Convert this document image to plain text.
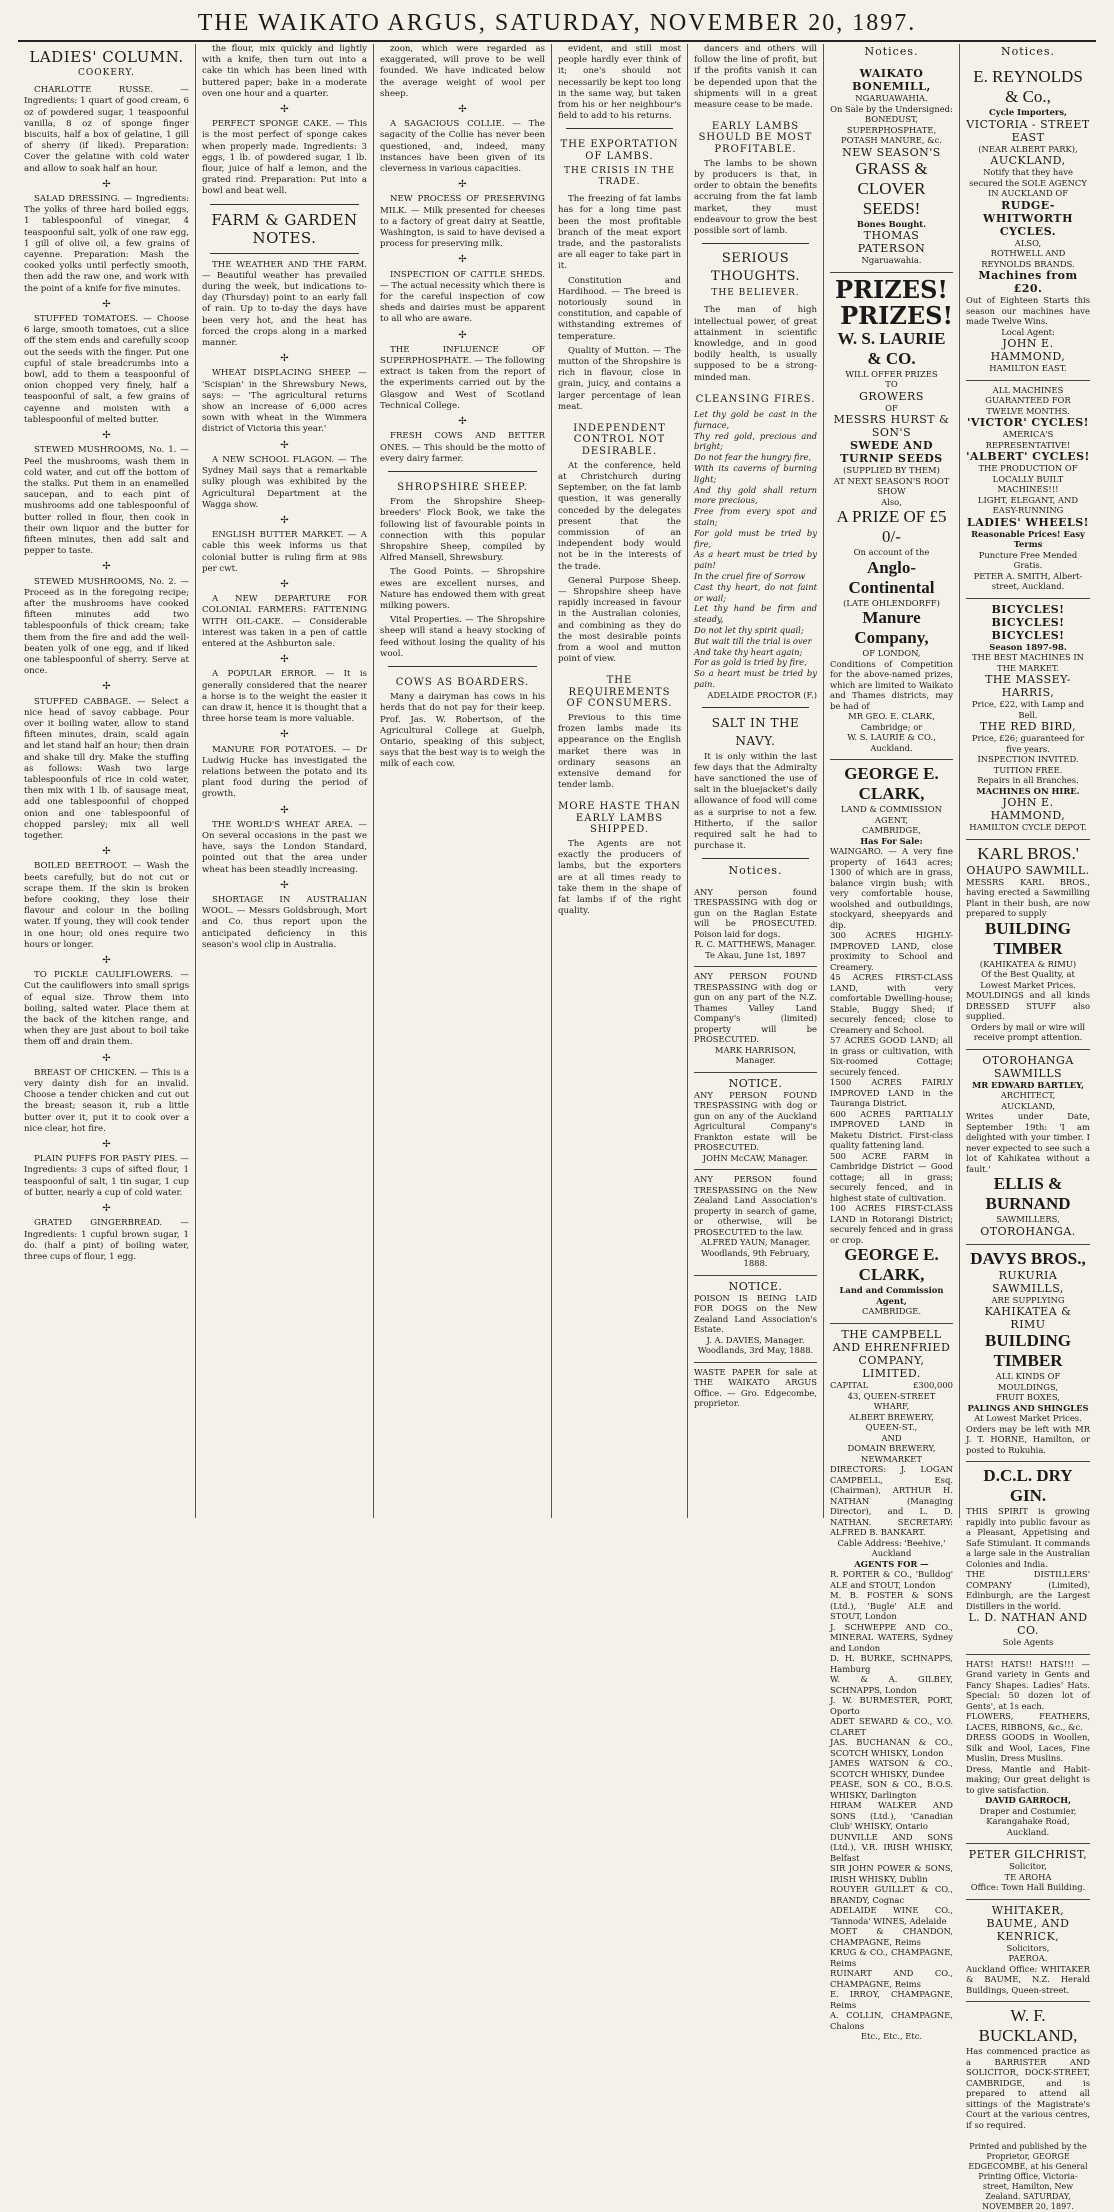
THE WAIKATO ARGUS, SATURDAY, NOVEMBER 20, 1897.
LADIES' COLUMN.
COOKERY.

CHARLOTTE RUSSE. — Ingredients: 1 quart of good cream, 6 oz of powdered sugar, 1 teaspoonful vanilla, 8 oz of sponge finger biscuits, half a box of gelatine, 1 gill of sherry (if liked). Preparation: Cover the gelatine with cold water and allow to soak half an hour.

✢

SALAD DRESSING. — Ingredients: The yolks of three hard boiled eggs, 1 tablespoonful of vinegar, 4 teaspoonful salt, yolk of one raw egg, 1 gill of olive oil, a few grains of cayenne. Preparation: Mash the cooked yolks until perfectly smooth, then add the raw one, and work with the point of a knife for five minutes.

✢

STUFFED TOMATOES. — Choose 6 large, smooth tomatoes, cut a slice off the stem ends and carefully scoop out the seeds with the finger. Put one cupful of stale breadcrumbs into a bowl, add to them a teaspoonful of onion chopped very finely, half a teaspoonful of salt, a few grains of cayenne and moisten with a tablespoonful of melted butter.

✢

STEWED MUSHROOMS, No. 1. — Peel the mushrooms, wash them in cold water, and cut off the bottom of the stalks. Put them in an enamelled saucepan, and to each pint of mushrooms add one tablespoonful of butter rolled in flour, then cook in their own liquor and the butter for fifteen minutes, then add salt and pepper to taste.

✢

STEWED MUSHROOMS, No. 2. — Proceed as in the foregoing recipe; after the mushrooms have cooked fifteen minutes add two tablespoonfuls of thick cream; take them from the fire and add the well-beaten yolk of one egg, and if liked one tablespoonful of sherry. Serve at once.

✢

STUFFED CABBAGE. — Select a nice head of savoy cabbage. Pour over it boiling water, allow to stand fifteen minutes, drain, scald again and let stand half an hour; then drain and shake till dry. Make the stuffing as follows: Wash two large tablespoonfuls of rice in cold water, then mix with 1 lb. of sausage meat, add one tablespoonful of chopped onion and one tablespoonful of chopped parsley; mix all well together.

✢

BOILED BEETROOT. — Wash the beets carefully, but do not cut or scrape them. If the skin is broken before cooking, they lose their flavour and colour in the boiling water. If young, they will cook tender in one hour; old ones require two hours or longer.

✢

TO PICKLE CAULIFLOWERS. — Cut the cauliflowers into small sprigs of equal size. Throw them into boiling, salted water. Place them at the back of the kitchen range, and when they are just about to boil take them off and drain them.

✢

BREAST OF CHICKEN. — This is a very dainty dish for an invalid. Choose a tender chicken and cut out the breast; season it, rub a little butter over it, put it to cook over a nice clear, hot fire.

✢

PLAIN PUFFS FOR PASTY PIES. — Ingredients: 3 cups of sifted flour, 1 teaspoonful of salt, 1 tin sugar, 1 cup of butter, nearly a cup of cold water.

✢

GRATED GINGERBREAD. — Ingredients: 1 cupful brown sugar, 1 do. (half a pint) of boiling water, three cups of flour, 1 egg.

the flour, mix quickly and lightly with a knife, then turn out into a cake tin which has been lined with buttered paper; bake in a moderate oven one hour and a quarter.

✢

PERFECT SPONGE CAKE. — This is the most perfect of sponge cakes when properly made. Ingredients: 3 eggs, 1 lb. of powdered sugar, 1 lb. flour, juice of half a lemon, and the grated rind. Preparation: Put into a bowl and beat well.

FARM & GARDEN NOTES.

THE WEATHER AND THE FARM. — Beautiful weather has prevailed during the week, but indications to-day (Thursday) point to an early fall of rain. Up to to-day the days have been very hot, and the heat has forced the crops along in a marked manner.

✢

WHEAT DISPLACING SHEEP. — 'Scispian' in the Shrewsbury News, says: — 'The agricultural returns show an increase of 6,000 acres sown with wheat in the Wimmera district of Victoria this year.'

✢

A NEW SCHOOL FLAGON. — The Sydney Mail says that a remarkable sulky plough was exhibited by the Agricultural Department at the Wagga show.

✢

ENGLISH BUTTER MARKET. — A cable this week informs us that colonial butter is ruling firm at 98s per cwt.

✢

A NEW DEPARTURE FOR COLONIAL FARMERS: FATTENING WITH OIL-CAKE. — Considerable interest was taken in a pen of cattle entered at the Ashburton sale.

✢

A POPULAR ERROR. — It is generally considered that the nearer a horse is to the weight the easier it can draw it, hence it is thought that a three horse team is more valuable.

✢

MANURE FOR POTATOES. — Dr Ludwig Hucke has investigated the relations between the potato and its plant food during the period of growth.

✢

THE WORLD'S WHEAT AREA. — On several occasions in the past we have, says the London Standard, pointed out that the area under wheat has been steadily increasing.

✢

SHORTAGE IN AUSTRALIAN WOOL. — Messrs Goldsbrough, Mort and Co. thus report upon the anticipated deficiency in this season's wool clip in Australia.

zoon, which were regarded as exaggerated, will prove to be well founded. We have indicated below the average weight of wool per sheep.

✢

A SAGACIOUS COLLIE. — The sagacity of the Collie has never been questioned, and, indeed, many instances have been given of its cleverness in various capacities.

✢

NEW PROCESS OF PRESERVING MILK. — Milk presented for cheeses to a factory of great dairy at Seattle, Washington, is said to have devised a process for preserving milk.

✢

INSPECTION OF CATTLE SHEDS. — The actual necessity which there is for the careful inspection of cow sheds and dairies must be apparent to all who are aware.

✢

THE INFLUENCE OF SUPERPHOSPHATE. — The following extract is taken from the report of the experiments carried out by the Glasgow and West of Scotland Technical College.

✢

FRESH COWS AND BETTER ONES. — This should be the motto of every dairy farmer.

SHROPSHIRE SHEEP.

From the Shropshire Sheep-breeders' Flock Book, we take the following list of favourable points in connection with this popular Shropshire Sheep, compiled by Alfred Mansell, Shrewsbury.

The Good Points. — Shropshire ewes are excellent nurses, and Nature has endowed them with great milking powers.

Vital Properties. — The Shropshire sheep will stand a heavy stocking of feed without losing the quality of his wool.

COWS AS BOARDERS.

Many a dairyman has cows in his herds that do not pay for their keep. Prof. Jas. W. Robertson, of the Agricultural College at Guelph, Ontario, speaking of this subject, says that the best way is to weigh the milk of each cow.

evident, and still most people hardly ever think of it; one's should not necessarily be kept too long in the same way, but taken from his or her neighbour's field to add to his returns.

THE EXPORTATION OF LAMBS.
THE CRISIS IN THE TRADE.

The freezing of fat lambs has for a long time past been the most profitable branch of the meat export trade, and the pastoralists are all eager to take part in it.

Constitution and Hardihood. — The breed is notoriously sound in constitution, and capable of withstanding extremes of temperature.

Quality of Mutton. — The mutton of the Shropshire is rich in flavour, close in grain, juicy, and contains a larger percentage of lean meat.

INDEPENDENT CONTROL NOT DESIRABLE.

At the conference, held at Christchurch during September, on the fat lamb question, it was generally conceded by the delegates present that the commission of an independent body would not be in the interests of the trade.

General Purpose Sheep. — Shropshire sheep have rapidly increased in favour in the Australian colonies, and combining as they do the most desirable points from a wool and mutton point of view.

THE REQUIREMENTS OF CONSUMERS.

Previous to this time frozen lambs made its appearance on the English market there was in ordinary seasons an extensive demand for tender lamb.

MORE HASTE THAN EARLY LAMBS SHIPPED.

The Agents are not exactly the producers of lambs, but the exporters are at all times ready to take them in the shape of fat lambs if of the right quality.

dancers and others will follow the line of profit, but if the profits vanish it can be depended upon that the shipments will in a great measure cease to be made.

EARLY LAMBS SHOULD BE MOST PROFITABLE.

The lambs to be shown by producers is that, in order to obtain the benefits accruing from the fat lamb market, they must endeavour to grow the best possible sort of lamb.

SERIOUS THOUGHTS.
THE BELIEVER.

The man of high intellectual power, of great attainment in scientific knowledge, and in good bodily health, is usually supposed to be a strong-minded man.

CLEANSING FIRES.
Let thy gold be cast in the furnace,
Thy red gold, precious and bright;
Do not fear the hungry fire,
With its caverns of burning light;
And thy gold shall return more precious,
Free from every spot and stain;
For gold must be tried by fire,
As a heart must be tried by pain!
In the cruel fire of Sorrow
Cast thy heart, do not faint or wail;
Let thy hand be firm and steady,
Do not let thy spirit quail;
But wait till the trial is over
And take thy heart again;
For as gold is tried by fire,
So a heart must be tried by pain.
ADELAIDE PROCTOR (F.)
SALT IN THE NAVY.

It is only within the last few days that the Admiralty have sanctioned the use of salt in the bluejacket's daily allowance of food will come as a surprise to not a few. Hitherto, if the sailor required salt he had to purchase it.

Notices.
ANY person found TRESPASSING with dog or gun on the Raglan Estate will be PROSECUTED. Poison laid for dogs.
R. C. MATTHEWS, Manager.
Te Akau, June 1st, 1897
ANY PERSON FOUND TRESPASSING with dog or gun on any part of the N.Z. Thames Valley Land Company's (limited) property will be PROSECUTED.
MARK HARRISON, Manager.
NOTICE.
ANY PERSON FOUND TRESPASSING with dog or gun on any of the Auckland Agricultural Company's Frankton estate will be PROSECUTED.
JOHN McCAW, Manager.
ANY PERSON found TRESPASSING on the New Zealand Land Association's property in search of game, or otherwise, will be PROSECUTED to the law.
ALFRED YAUN, Manager.
Woodlands, 9th February, 1888.
NOTICE.
POISON IS BEING LAID FOR DOGS on the New Zealand Land Association's Estate.
J. A. DAVIES, Manager.
Woodlands, 3rd May, 1888.
WASTE PAPER for sale at THE WAIKATO ARGUS Office. — Gro. Edgecombe, proprietor.
Notices.
WAIKATO BONEMILL,
NGARUAWAHIA.
On Sale by the Undersigned: BONEDUST, SUPERPHOSPHATE, POTASH MANURE, &c.
NEW SEASON'S
GRASS & CLOVER SEEDS!
Bones Bought.
THOMAS PATERSON
Ngaruawahia.
PRIZES!
PRIZES!
W. S. LAURIE & CO.
WILL OFFER PRIZES
TO
GROWERS
OF
MESSRS HURST & SON'S
SWEDE AND TURNIP SEEDS
(SUPPLIED BY THEM)
AT NEXT SEASON'S ROOT SHOW
Also,
A PRIZE OF £5 0/-
On account of the
Anglo-Continental
(LATE OHLENDORFF)
Manure Company,
OF LONDON,
Conditions of Competition for the above-named prizes, which are limited to Waikato and Thames districts, may be had of
MR GEO. E. CLARK, Cambridge; or
W. S. LAURIE & CO., Auckland.
GEORGE E. CLARK,
LAND & COMMISSION AGENT,
CAMBRIDGE,
Has For Sale:
WAINGARO. — A very fine property of 1643 acres; 1300 of which are in grass, balance virgin bush; with very comfortable house, woolshed and outbuildings, stockyard, sheepyards and dip.
300 ACRES HIGHLY-IMPROVED LAND, close proximity to School and Creamery.
45 ACRES FIRST-CLASS LAND, with very comfortable Dwelling-house; Stable, Buggy Shed; if securely fenced; close to Creamery and School.
57 ACRES GOOD LAND; all in grass or cultivation, with Six-roomed Cottage; securely fenced.
1500 ACRES FAIRLY IMPROVED LAND in the Tauranga District.
600 ACRES PARTIALLY IMPROVED LAND in Maketu District. First-class quality fattening land.
500 ACRE FARM in Cambridge District — Good cottage; all in grass; securely fenced, and in highest state of cultivation.
100 ACRES FIRST-CLASS LAND in Rotorangi District; securely fenced and in grass or crop.
GEORGE E. CLARK,
Land and Commission Agent,
CAMBRIDGE.
THE CAMPBELL AND EHRENFRIED COMPANY, LIMITED.
CAPITAL	£300,000
43, QUEEN-STREET WHARF,
ALBERT BREWERY, QUEEN-ST.,
AND
DOMAIN BREWERY, NEWMARKET
DIRECTORS: J. LOGAN CAMPBELL, Esq. (Chairman), ARTHUR H. NATHAN (Managing Director), and L. D. NATHAN. SECRETARY: ALFRED B. BANKART.
Cable Address: 'Beehive,' Auckland
AGENTS FOR —
R. PORTER & CO., 'Bulldog' ALE and STOUT, London
M. B. FOSTER & SONS (Ltd.), 'Bugle' ALE and STOUT, London
J. SCHWEPPE AND CO., MINERAL WATERS, Sydney and London
D. H. BURKE, SCHNAPPS, Hamburg
W. & A. GILBEY, SCHNAPPS, London
J. W. BURMESTER, PORT, Oporto
ADET SEWARD & CO., V.O. CLARET
JAS. BUCHANAN & CO., SCOTCH WHISKY, London
JAMES WATSON & CO., SCOTCH WHISKY, Dundee
PEASE, SON & CO., B.O.S. WHISKY, Darlington
HIRAM WALKER AND SONS (Ltd.), 'Canadian Club' WHISKY, Ontario
DUNVILLE AND SONS (Ltd.), V.R. IRISH WHISKY, Belfast
SIR JOHN POWER & SONS, IRISH WHISKY, Dublin
ROUYER GUILLET & CO., BRANDY, Cognac
ADELAIDE WINE CO., 'Tannoda' WINES, Adelaide
MOET & CHANDON, CHAMPAGNE, Reims
KRUG & CO., CHAMPAGNE, Reims
RUINART AND CO., CHAMPAGNE, Reims
E. IRROY, CHAMPAGNE, Reims
A. COLLIN, CHAMPAGNE, Chalons
Etc., Etc., Etc.
Notices.
E. REYNOLDS & Co.,
Cycle Importers,
VICTORIA - STREET EAST
(NEAR ALBERT PARK),
AUCKLAND,
Notify that they have secured the SOLE AGENCY IN AUCKLAND OF
RUDGE-WHITWORTH CYCLES.
ALSO,
ROTHWELL AND REYNOLDS BRANDS.
Machines from £20.
Out of Eighteen Starts this season our machines have made Twelve Wins.
Local Agent:
JOHN E. HAMMOND,
HAMILTON EAST.
ALL MACHINES GUARANTEED FOR TWELVE MONTHS.
'VICTOR' CYCLES!
AMERICA'S REPRESENTATIVE!
'ALBERT' CYCLES!
THE PRODUCTION OF LOCALLY BUILT MACHINES!!!
LIGHT, ELEGANT, AND EASY-RUNNING
LADIES' WHEELS!
Reasonable Prices! Easy Terms
Puncture Free Mended Gratis.
PETER A. SMITH, Albert-street, Auckland.
BICYCLES! BICYCLES! BICYCLES!
Season 1897-98.
THE BEST MACHINES IN THE MARKET.
THE MASSEY-HARRIS,
Price, £22, with Lamp and Bell.
THE RED BIRD,
Price, £26; guaranteed for five years.
INSPECTION INVITED. TUITION FREE.
Repairs in all Branches.
MACHINES ON HIRE.
JOHN E. HAMMOND,
HAMILTON CYCLE DEPOT.
KARL BROS.'
OHAUPO SAWMILL.
MESSRS KARL BROS., having erected a Sawmilling Plant in their bush, are now prepared to supply
BUILDING TIMBER
(KAHIKATEA & RIMU)
Of the Best Quality, at Lowest Market Prices.
MOULDINGS and all kinds DRESSED STUFF also supplied.
Orders by mail or wire will receive prompt attention.
OTOROHANGA SAWMILLS
MR EDWARD BARTLEY,
ARCHITECT,
AUCKLAND,
Writes under Date, September 19th: 'I am delighted with your timber. I never expected to see such a lot of Kahikatea without a fault.'
ELLIS & BURNAND
SAWMILLERS,
OTOROHANGA.
DAVYS BROS.,
RUKURIA SAWMILLS,
ARE SUPPLYING
KAHIKATEA & RIMU
BUILDING TIMBER
ALL KINDS OF MOULDINGS,
FRUIT BOXES,
PALINGS AND SHINGLES
At Lowest Market Prices.
Orders may be left with MR J. T. HORNE, Hamilton, or posted to Rukuhia.
D.C.L. DRY GIN.
THIS SPIRIT is growing rapidly into public favour as a Pleasant, Appetising and Safe Stimulant. It commands a large sale in the Australian Colonies and India.
THE DISTILLERS' COMPANY (Limited), Edinburgh, are the Largest Distillers in the world.
L. D. NATHAN AND CO.
Sole Agents
HATS! HATS!! HATS!!! — Grand variety in Gents and Fancy Shapes. Ladies' Hats. Special: 50 dozen lot of Gents', at 1s each.
FLOWERS, FEATHERS, LACES, RIBBONS, &c., &c.
DRESS GOODS in Woollen, Silk and Wool, Laces, Fine Muslin, Dress Muslins.
Dress, Mantle and Habit-making; Our great delight is to give satisfaction.
DAVID GARROCH,
Draper and Costumier,
Karangahake Road, Auckland.
PETER GILCHRIST,
Solicitor,
TE AROHA
Office: Town Hall Building.
WHITAKER, BAUME, AND KENRICK,
Solicitors,
PAEROA.
Auckland Office: WHITAKER & BAUME, N.Z. Herald Buildings, Queen-street.
W. F. BUCKLAND,
Has commenced practice as a BARRISTER AND SOLICITOR, DOCK-STREET, CAMBRIDGE, and is prepared to attend all sittings of the Magistrate's Court at the various centres, if so required.
Printed and published by the Proprietor, GEORGE EDGECOMBE, at his General Printing Office, Victoria-street, Hamilton, New Zealand. SATURDAY, NOVEMBER 20, 1897.
